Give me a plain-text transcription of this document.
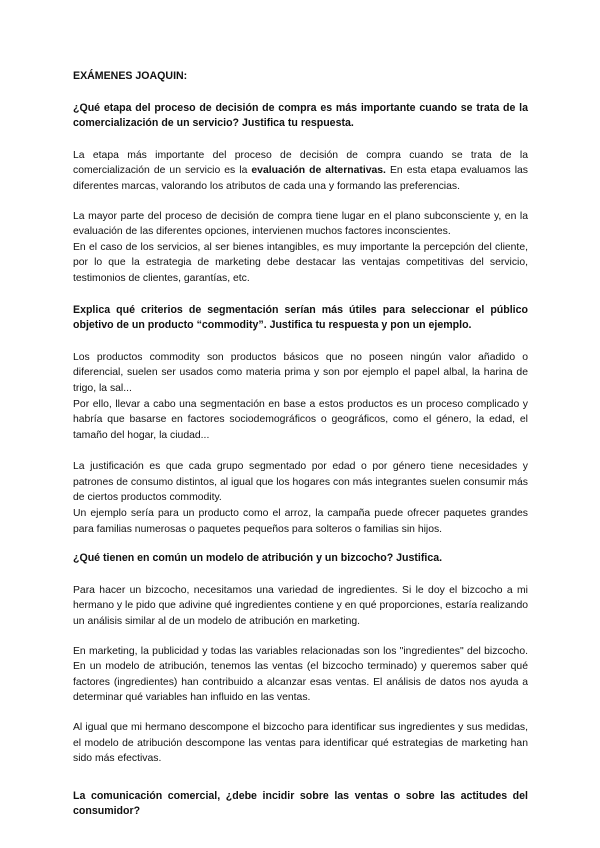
EXÁMENES JOAQUIN:

¿Qué etapa del proceso de decisión de compra es más importante cuando se trata de la comercialización de un servicio? Justifica tu respuesta.

La etapa más importante del proceso de decisión de compra cuando se trata de la comercialización de un servicio es la evaluación de alternativas. En esta etapa evaluamos las diferentes marcas, valorando los atributos de cada una y formando las preferencias.

La mayor parte del proceso de decisión de compra tiene lugar en el plano subconsciente y, en la evaluación de las diferentes opciones, intervienen muchos factores inconscientes.

En el caso de los servicios, al ser bienes intangibles, es muy importante la percepción del cliente, por lo que la estrategia de marketing debe destacar las ventajas competitivas del servicio, testimonios de clientes, garantías, etc.

Explica qué criterios de segmentación serían más útiles para seleccionar el público objetivo de un producto “commodity”. Justifica tu respuesta y pon un ejemplo.

Los productos commodity son productos básicos que no poseen ningún valor añadido o diferencial, suelen ser usados como materia prima y son por ejemplo el papel albal, la harina de trigo, la sal...

Por ello, llevar a cabo una segmentación en base a estos productos es un proceso complicado y habría que basarse en factores sociodemográficos o geográficos, como el género, la edad, el tamaño del hogar, la ciudad...

La justificación es que cada grupo segmentado por edad o por género tiene necesidades y patrones de consumo distintos, al igual que los hogares con más integrantes suelen consumir más de ciertos productos commodity.

Un ejemplo sería para un producto como el arroz, la campaña puede ofrecer paquetes grandes para familias numerosas o paquetes pequeños para solteros o familias sin hijos.

¿Qué tienen en común un modelo de atribución y un bizcocho? Justifica.

Para hacer un bizcocho, necesitamos una variedad de ingredientes. Si le doy el bizcocho a mi hermano y le pido que adivine qué ingredientes contiene y en qué proporciones, estaría realizando un análisis similar al de un modelo de atribución en marketing.

En marketing, la publicidad y todas las variables relacionadas son los "ingredientes" del bizcocho. En un modelo de atribución, tenemos las ventas (el bizcocho terminado) y queremos saber qué factores (ingredientes) han contribuido a alcanzar esas ventas. El análisis de datos nos ayuda a determinar qué variables han influido en las ventas.

Al igual que mi hermano descompone el bizcocho para identificar sus ingredientes y sus medidas, el modelo de atribución descompone las ventas para identificar qué estrategias de marketing han sido más efectivas.

La comunicación comercial, ¿debe incidir sobre las ventas o sobre las actitudes del consumidor?
